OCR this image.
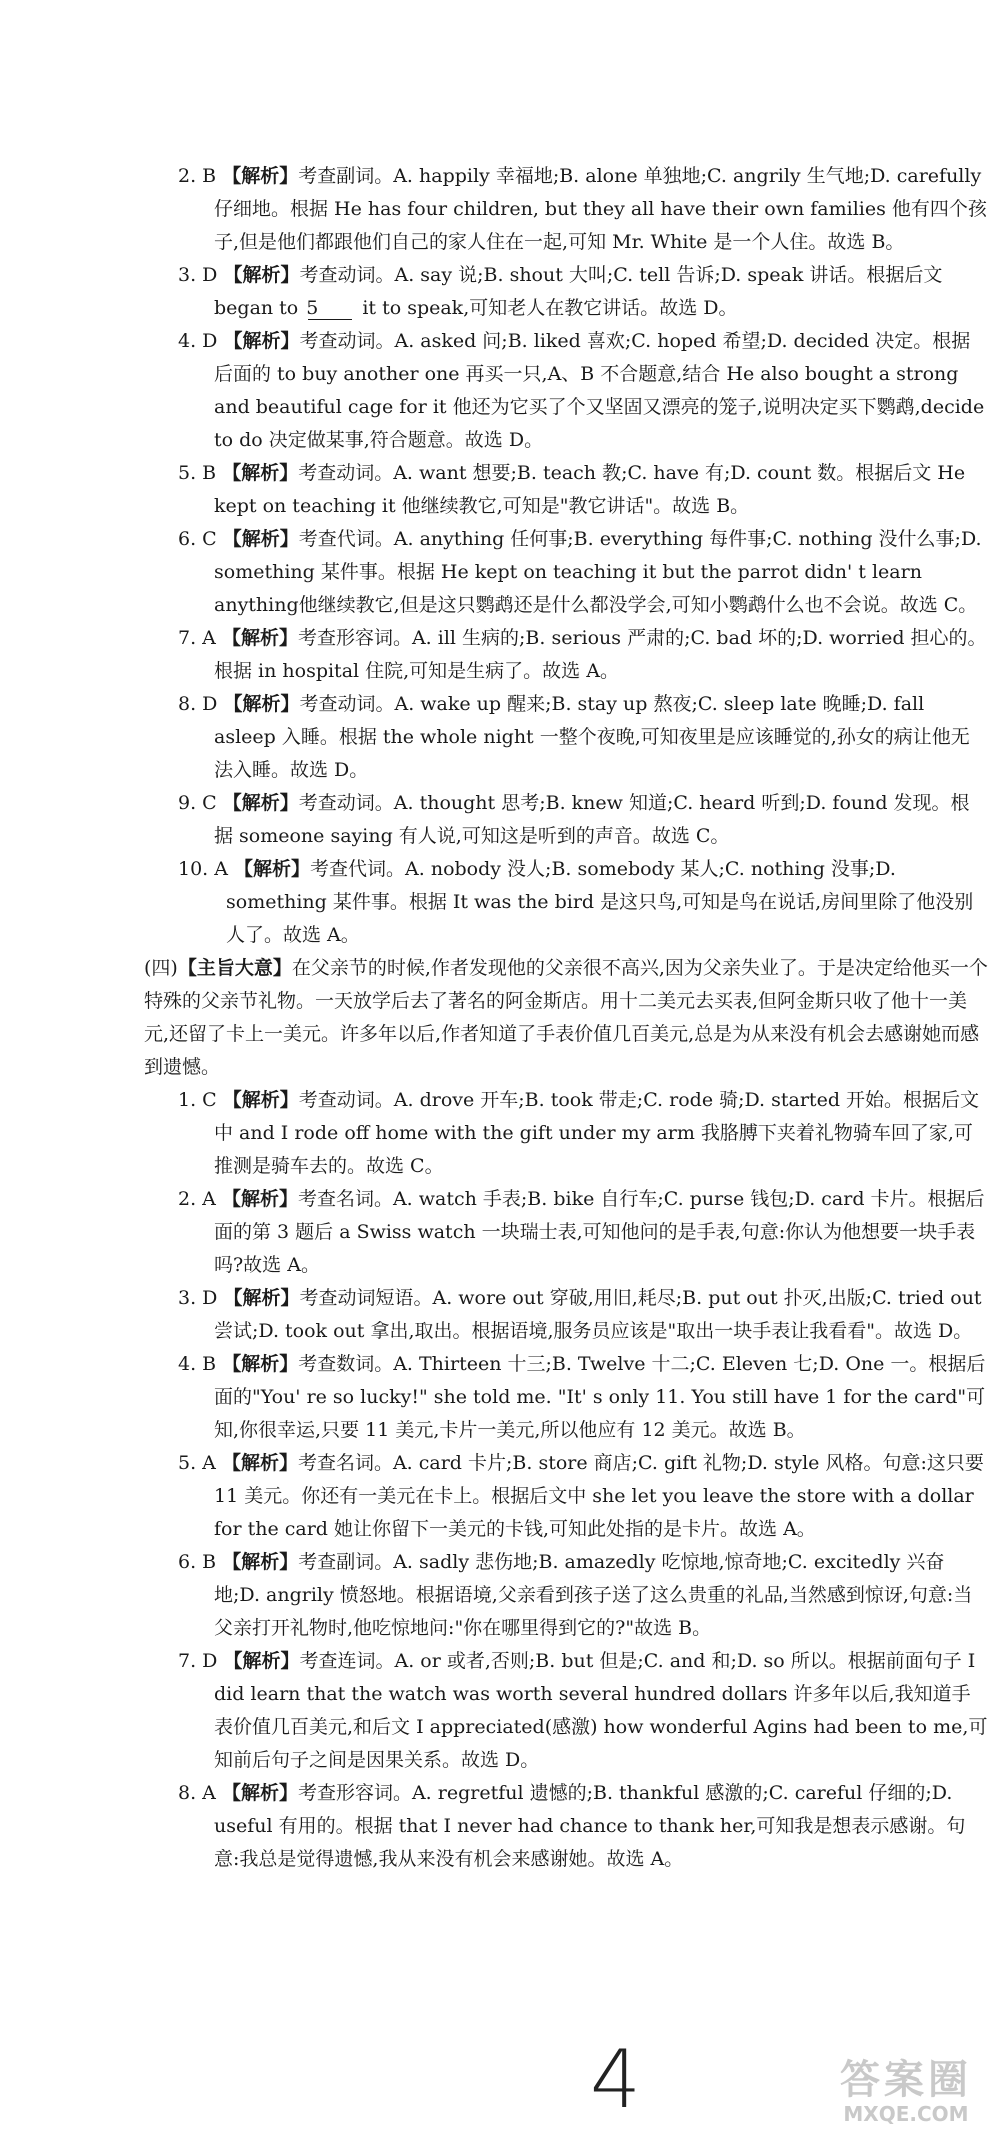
2. B 【解析】考查副词。A. happily 幸福地;B. alone 单独地;C. angrily 生气地;D. carefully 仔细地。根据 He has four children, but they all have their own families 他有四个孩子,但是他们都跟他们自己的家人住在一起,可知 Mr. White 是一个人住。故选 B。

3. D 【解析】考查动词。A. say 说;B. shout 大叫;C. tell 告诉;D. speak 讲话。根据后文 began to 5 it to speak,可知老人在教它讲话。故选 D。

4. D 【解析】考查动词。A. asked 问;B. liked 喜欢;C. hoped 希望;D. decided 决定。根据后面的 to buy another one 再买一只,A、B 不合题意,结合 He also bought a strong and beautiful cage for it 他还为它买了个又坚固又漂亮的笼子,说明决定买下鹦鹉,decide to do 决定做某事,符合题意。故选 D。

5. B 【解析】考查动词。A. want 想要;B. teach 教;C. have 有;D. count 数。根据后文 He kept on teaching it 他继续教它,可知是"教它讲话"。故选 B。

6. C 【解析】考查代词。A. anything 任何事;B. everything 每件事;C. nothing 没什么事;D. something 某件事。根据 He kept on teaching it but the parrot didn' t learn anything他继续教它,但是这只鹦鹉还是什么都没学会,可知小鹦鹉什么也不会说。故选 C。

7. A 【解析】考查形容词。A. ill 生病的;B. serious 严肃的;C. bad 坏的;D. worried 担心的。根据 in hospital 住院,可知是生病了。故选 A。

8. D 【解析】考查动词。A. wake up 醒来;B. stay up 熬夜;C. sleep late 晚睡;D. fall asleep 入睡。根据 the whole night 一整个夜晚,可知夜里是应该睡觉的,孙女的病让他无法入睡。故选 D。

9. C 【解析】考查动词。A. thought 思考;B. knew 知道;C. heard 听到;D. found 发现。根据 someone saying 有人说,可知这是听到的声音。故选 C。

10. A 【解析】考查代词。A. nobody 没人;B. somebody 某人;C. nothing 没事;D. something 某件事。根据 It was the bird 是这只鸟,可知是鸟在说话,房间里除了他没别人了。故选 A。

(四)【主旨大意】在父亲节的时候,作者发现他的父亲很不高兴,因为父亲失业了。于是决定给他买一个特殊的父亲节礼物。一天放学后去了著名的阿金斯店。用十二美元去买表,但阿金斯只收了他十一美元,还留了卡上一美元。许多年以后,作者知道了手表价值几百美元,总是为从来没有机会去感谢她而感到遗憾。

1. C 【解析】考查动词。A. drove 开车;B. took 带走;C. rode 骑;D. started 开始。根据后文中 and I rode off home with the gift under my arm 我胳膊下夹着礼物骑车回了家,可推测是骑车去的。故选 C。

2. A 【解析】考查名词。A. watch 手表;B. bike 自行车;C. purse 钱包;D. card 卡片。根据后面的第 3 题后 a Swiss watch 一块瑞士表,可知他问的是手表,句意:你认为他想要一块手表吗?故选 A。

3. D 【解析】考查动词短语。A. wore out 穿破,用旧,耗尽;B. put out 扑灭,出版;C. tried out 尝试;D. took out 拿出,取出。根据语境,服务员应该是"取出一块手表让我看看"。故选 D。

4. B 【解析】考查数词。A. Thirteen 十三;B. Twelve 十二;C. Eleven 七;D. One 一。根据后面的"You' re so lucky!" she told me. "It' s only 11. You still have 1 for the card"可知,你很幸运,只要 11 美元,卡片一美元,所以他应有 12 美元。故选 B。

5. A 【解析】考查名词。A. card 卡片;B. store 商店;C. gift 礼物;D. style 风格。句意:这只要 11 美元。你还有一美元在卡上。根据后文中 she let you leave the store with a dollar for the card 她让你留下一美元的卡钱,可知此处指的是卡片。故选 A。

6. B 【解析】考查副词。A. sadly 悲伤地;B. amazedly 吃惊地,惊奇地;C. excitedly 兴奋地;D. angrily 愤怒地。根据语境,父亲看到孩子送了这么贵重的礼品,当然感到惊讶,句意:当父亲打开礼物时,他吃惊地问:"你在哪里得到它的?"故选 B。

7. D 【解析】考查连词。A. or 或者,否则;B. but 但是;C. and 和;D. so 所以。根据前面句子 I did learn that the watch was worth several hundred dollars 许多年以后,我知道手表价值几百美元,和后文 I appreciated(感激) how wonderful Agins had been to me,可知前后句子之间是因果关系。故选 D。

8. A 【解析】考查形容词。A. regretful 遗憾的;B. thankful 感激的;C. careful 仔细的;D. useful 有用的。根据 that I never had chance to thank her,可知我是想表示感谢。句意:我总是觉得遗憾,我从来没有机会来感谢她。故选 A。

4	答案圈
MXQE.COM
